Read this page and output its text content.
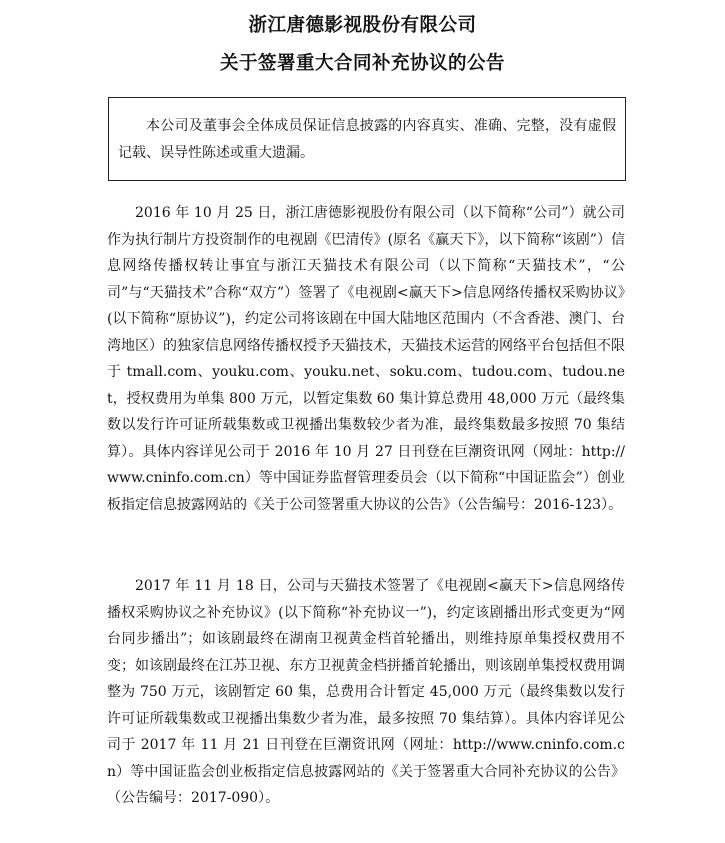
浙江唐德影视股份有限公司
关于签署重大合同补充协议的公告

本公司及董事会全体成员保证信息披露的内容真实、准确、完整，没有虚假记载、误导性陈述或重大遗漏。

2016 年 10 月 25 日，浙江唐德影视股份有限公司（以下简称“公司”）就公司作为执行制片方投资制作的电视剧《巴清传》(原名《赢天下》，以下简称“该剧”）信息网络传播权转让事宜与浙江天猫技术有限公司（以下简称“天猫技术”，“公司”与“天猫技术”合称“双方”）签署了《电视剧<赢天下>信息网络传播权采购协议》(以下简称“原协议”)，约定公司将该剧在中国大陆地区范围内（不含香港、澳门、台湾地区）的独家信息网络传播权授予天猫技术，天猫技术运营的网络平台包括但不限于 tmall.com、youku.com、youku.net、soku.com、tudou.com、tudou.net，授权费用为单集 800 万元，以暂定集数 60 集计算总费用 48,000 万元（最终集数以发行许可证所载集数或卫视播出集数较少者为准，最终集数最多按照 70 集结算）。具体内容详见公司于 2016 年 10 月 27 日刊登在巨潮资讯网（网址：http://www.cninfo.com.cn）等中国证券监督管理委员会（以下简称“中国证监会”）创业板指定信息披露网站的《关于公司签署重大协议的公告》（公告编号：2016-123）。

2017 年 11 月 18 日，公司与天猫技术签署了《电视剧<赢天下>信息网络传播权采购协议之补充协议》(以下简称“补充协议一”)，约定该剧播出形式变更为“网台同步播出”；如该剧最终在湖南卫视黄金档首轮播出，则维持原单集授权费用不变；如该剧最终在江苏卫视、东方卫视黄金档拼播首轮播出，则该剧单集授权费用调整为 750 万元，该剧暂定 60 集，总费用合计暂定 45,000 万元（最终集数以发行许可证所载集数或卫视播出集数少者为准，最多按照 70 集结算）。具体内容详见公司于 2017 年 11 月 21 日刊登在巨潮资讯网（网址：http://www.cninfo.com.cn）等中国证监会创业板指定信息披露网站的《关于签署重大合同补充协议的公告》（公告编号：2017-090）。
